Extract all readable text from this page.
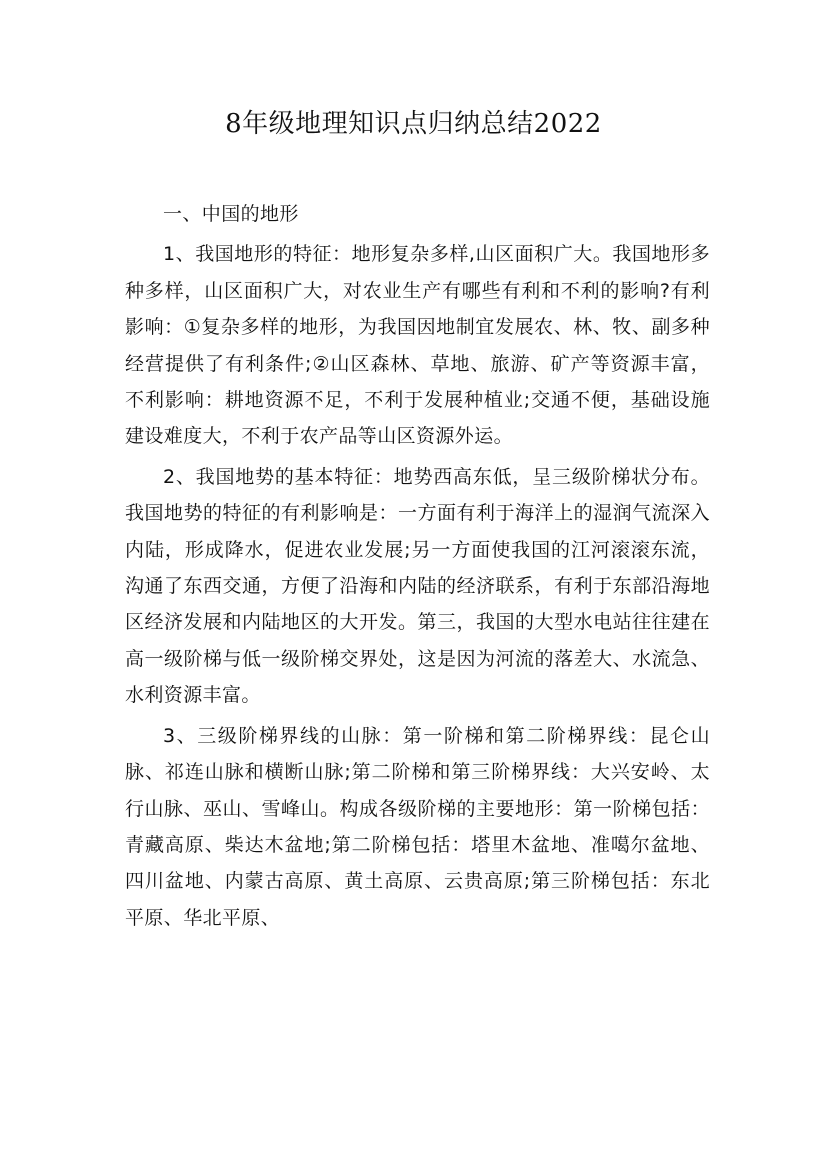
8年级地理知识点归纳总结2022

一、中国的地形

1、我国地形的特征：地形复杂多样,山区面积广大。我国地形多种多样，山区面积广大，对农业生产有哪些有利和不利的影响?有利影响：①复杂多样的地形，为我国因地制宜发展农、林、牧、副多种经营提供了有利条件;②山区森林、草地、旅游、矿产等资源丰富，不利影响：耕地资源不足，不利于发展种植业;交通不便，基础设施建设难度大，不利于农产品等山区资源外运。

2、我国地势的基本特征：地势西高东低，呈三级阶梯状分布。我国地势的特征的有利影响是：一方面有利于海洋上的湿润气流深入内陆，形成降水，促进农业发展;另一方面使我国的江河滚滚东流，沟通了东西交通，方便了沿海和内陆的经济联系，有利于东部沿海地区经济发展和内陆地区的大开发。第三，我国的大型水电站往往建在高一级阶梯与低一级阶梯交界处，这是因为河流的落差大、水流急、水利资源丰富。

3、三级阶梯界线的山脉：第一阶梯和第二阶梯界线：昆仑山脉、祁连山脉和横断山脉;第二阶梯和第三阶梯界线：大兴安岭、太行山脉、巫山、雪峰山。构成各级阶梯的主要地形：第一阶梯包括：青藏高原、柴达木盆地;第二阶梯包括：塔里木盆地、准噶尔盆地、四川盆地、内蒙古高原、黄土高原、云贵高原;第三阶梯包括：东北平原、华北平原、
